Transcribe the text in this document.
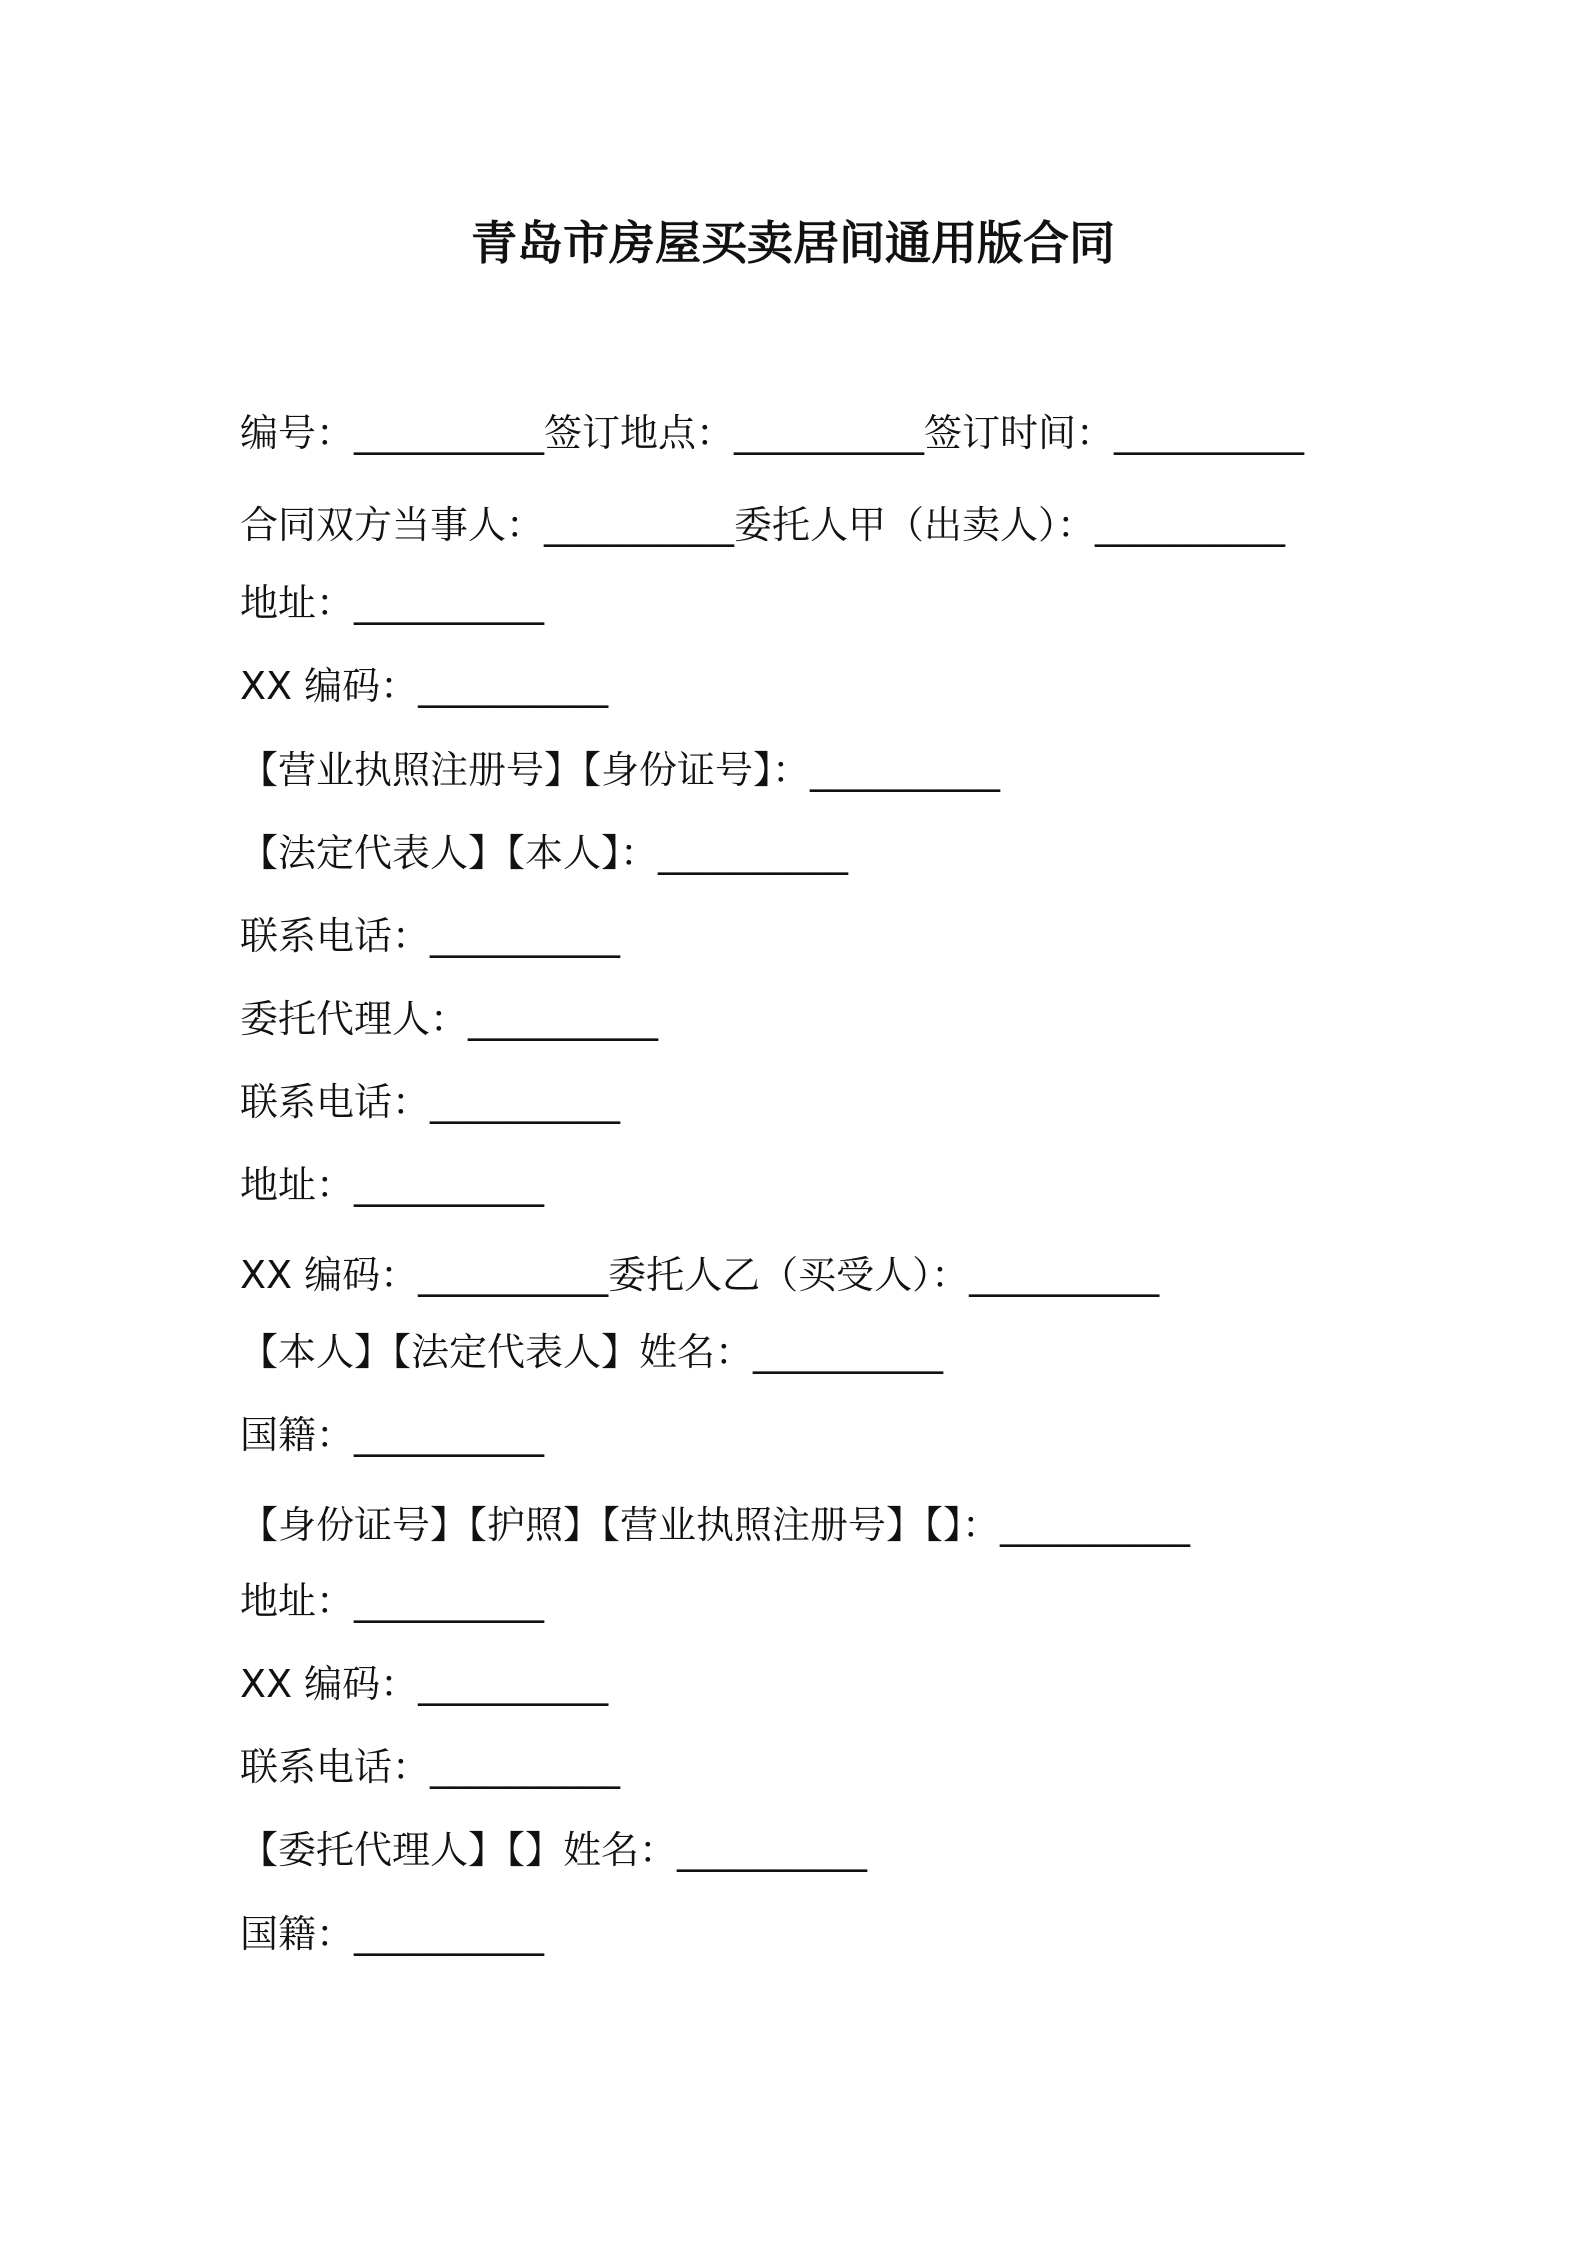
青岛市房屋买卖居间通用版合同
编号：__________签订地点：__________签订时间：__________
合同双方当事人：__________委托人甲（出卖人）：__________
地址：__________
XX 编码：__________
【营业执照注册号】【身份证号】：__________
【法定代表人】【本人】：__________
联系电话：__________
委托代理人：__________
联系电话：__________
地址：__________
XX 编码：__________委托人乙（买受人）：__________
【本人】【法定代表人】姓名：__________
国籍：__________
【身份证号】【护照】【营业执照注册号】【】：__________
地址：__________
XX 编码：__________
联系电话：__________
【委托代理人】【】姓名：__________
国籍：__________
